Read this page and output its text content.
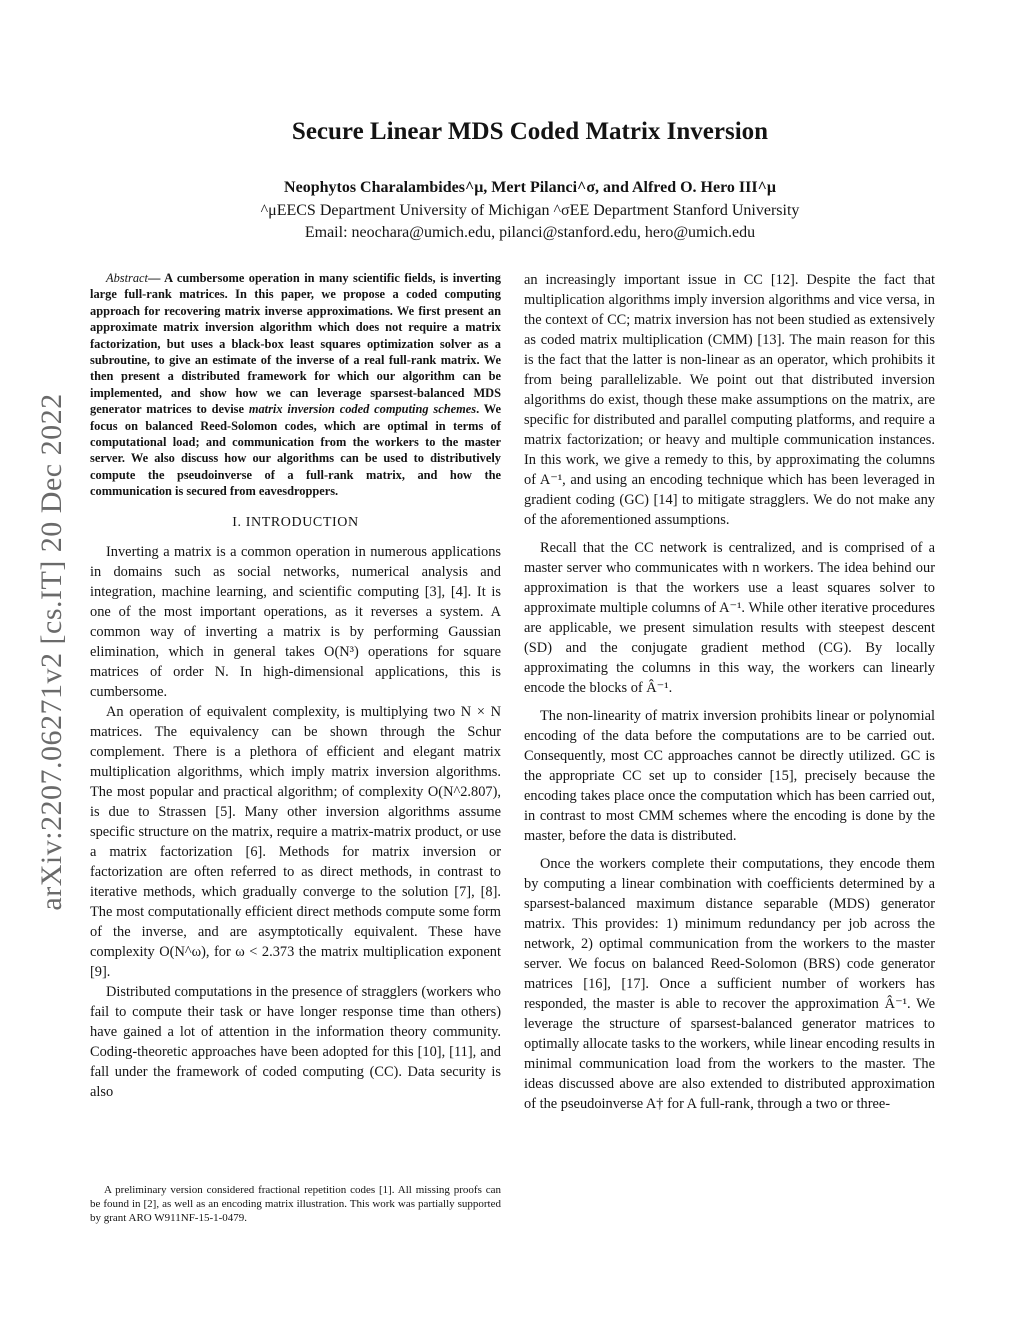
arXiv:2207.06271v2 [cs.IT] 20 Dec 2022
Secure Linear MDS Coded Matrix Inversion
Neophytos Charalambides^μ, Mert Pilanci^σ, and Alfred O. Hero III^μ
^μEECS Department University of Michigan ^σEE Department Stanford University
Email: neochara@umich.edu, pilanci@stanford.edu, hero@umich.edu
Abstract— A cumbersome operation in many scientific fields, is inverting large full-rank matrices. In this paper, we propose a coded computing approach for recovering matrix inverse approximations. We first present an approximate matrix inversion algorithm which does not require a matrix factorization, but uses a black-box least squares optimization solver as a subroutine, to give an estimate of the inverse of a real full-rank matrix. We then present a distributed framework for which our algorithm can be implemented, and show how we can leverage sparsest-balanced MDS generator matrices to devise matrix inversion coded computing schemes. We focus on balanced Reed-Solomon codes, which are optimal in terms of computational load; and communication from the workers to the master server. We also discuss how our algorithms can be used to distributively compute the pseudoinverse of a full-rank matrix, and how the communication is secured from eavesdroppers.
I. INTRODUCTION

Inverting a matrix is a common operation in numerous applications in domains such as social networks, numerical analysis and integration, machine learning, and scientific computing [3], [4]. It is one of the most important operations, as it reverses a system. A common way of inverting a matrix is by performing Gaussian elimination, which in general takes O(N³) operations for square matrices of order N. In high-dimensional applications, this is cumbersome.

An operation of equivalent complexity, is multiplying two N × N matrices. The equivalency can be shown through the Schur complement. There is a plethora of efficient and elegant matrix multiplication algorithms, which imply matrix inversion algorithms. The most popular and practical algorithm; of complexity O(N^2.807), is due to Strassen [5]. Many other inversion algorithms assume specific structure on the matrix, require a matrix-matrix product, or use a matrix factorization [6]. Methods for matrix inversion or factorization are often referred to as direct methods, in contrast to iterative methods, which gradually converge to the solution [7], [8]. The most computationally efficient direct methods compute some form of the inverse, and are asymptotically equivalent. These have complexity O(N^ω), for ω < 2.373 the matrix multiplication exponent [9].

Distributed computations in the presence of stragglers (workers who fail to compute their task or have longer response time than others) have gained a lot of attention in the information theory community. Coding-theoretic approaches have been adopted for this [10], [11], and fall under the framework of coded computing (CC). Data security is also

A preliminary version considered fractional repetition codes [1]. All missing proofs can be found in [2], as well as an encoding matrix illustration. This work was partially supported by grant ARO W911NF-15-1-0479.

an increasingly important issue in CC [12]. Despite the fact that multiplication algorithms imply inversion algorithms and vice versa, in the context of CC; matrix inversion has not been studied as extensively as coded matrix multiplication (CMM) [13]. The main reason for this is the fact that the latter is non-linear as an operator, which prohibits it from being parallelizable. We point out that distributed inversion algorithms do exist, though these make assumptions on the matrix, are specific for distributed and parallel computing platforms, and require a matrix factorization; or heavy and multiple communication instances. In this work, we give a remedy to this, by approximating the columns of A⁻¹, and using an encoding technique which has been leveraged in gradient coding (GC) [14] to mitigate stragglers. We do not make any of the aforementioned assumptions.

Recall that the CC network is centralized, and is comprised of a master server who communicates with n workers. The idea behind our approximation is that the workers use a least squares solver to approximate multiple columns of A⁻¹. While other iterative procedures are applicable, we present simulation results with steepest descent (SD) and the conjugate gradient method (CG). By locally approximating the columns in this way, the workers can linearly encode the blocks of Â⁻¹.

The non-linearity of matrix inversion prohibits linear or polynomial encoding of the data before the computations are to be carried out. Consequently, most CC approaches cannot be directly utilized. GC is the appropriate CC set up to consider [15], precisely because the encoding takes place once the computation which has been carried out, in contrast to most CMM schemes where the encoding is done by the master, before the data is distributed.

Once the workers complete their computations, they encode them by computing a linear combination with coefficients determined by a sparsest-balanced maximum distance separable (MDS) generator matrix. This provides: 1) minimum redundancy per job across the network, 2) optimal communication from the workers to the master server. We focus on balanced Reed-Solomon (BRS) code generator matrices [16], [17]. Once a sufficient number of workers has responded, the master is able to recover the approximation Â⁻¹. We leverage the structure of sparsest-balanced generator matrices to optimally allocate tasks to the workers, while linear encoding results in minimal communication load from the workers to the master. The ideas discussed above are also extended to distributed approximation of the pseudoinverse A† for A full-rank, through a two or three-
